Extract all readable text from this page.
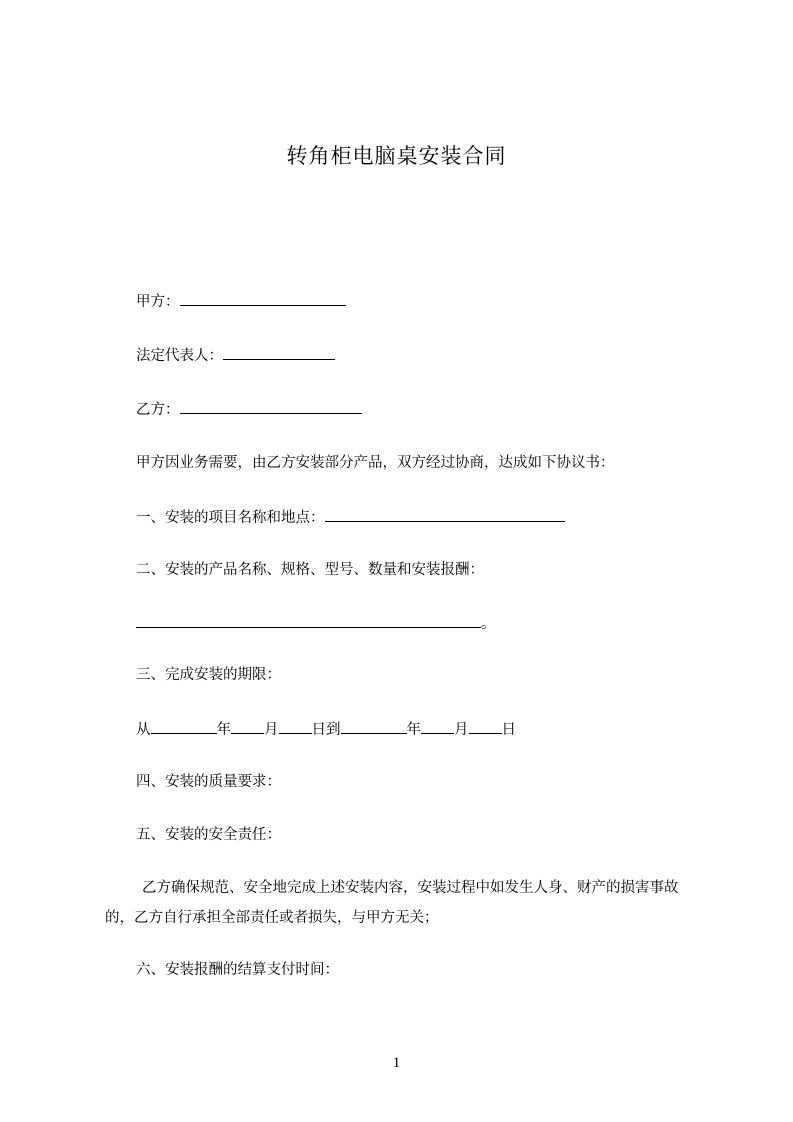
转角柜电脑桌安装合同
甲方：
法定代表人：
乙方：
甲方因业务需要，由乙方安装部分产品，双方经过协商，达成如下协议书：
一、安装的项目名称和地点：
二、安装的产品名称、规格、型号、数量和安装报酬：
。
三、完成安装的期限：
从	年 月 日到	年 月 日
四、安装的质量要求：
五、安装的安全责任：
乙方确保规范、安全地完成上述安装内容，安装过程中如发生人身、财产的损害事故的，乙方自行承担全部责任或者损失，与甲方无关；
六、安装报酬的结算支付时间：
1
